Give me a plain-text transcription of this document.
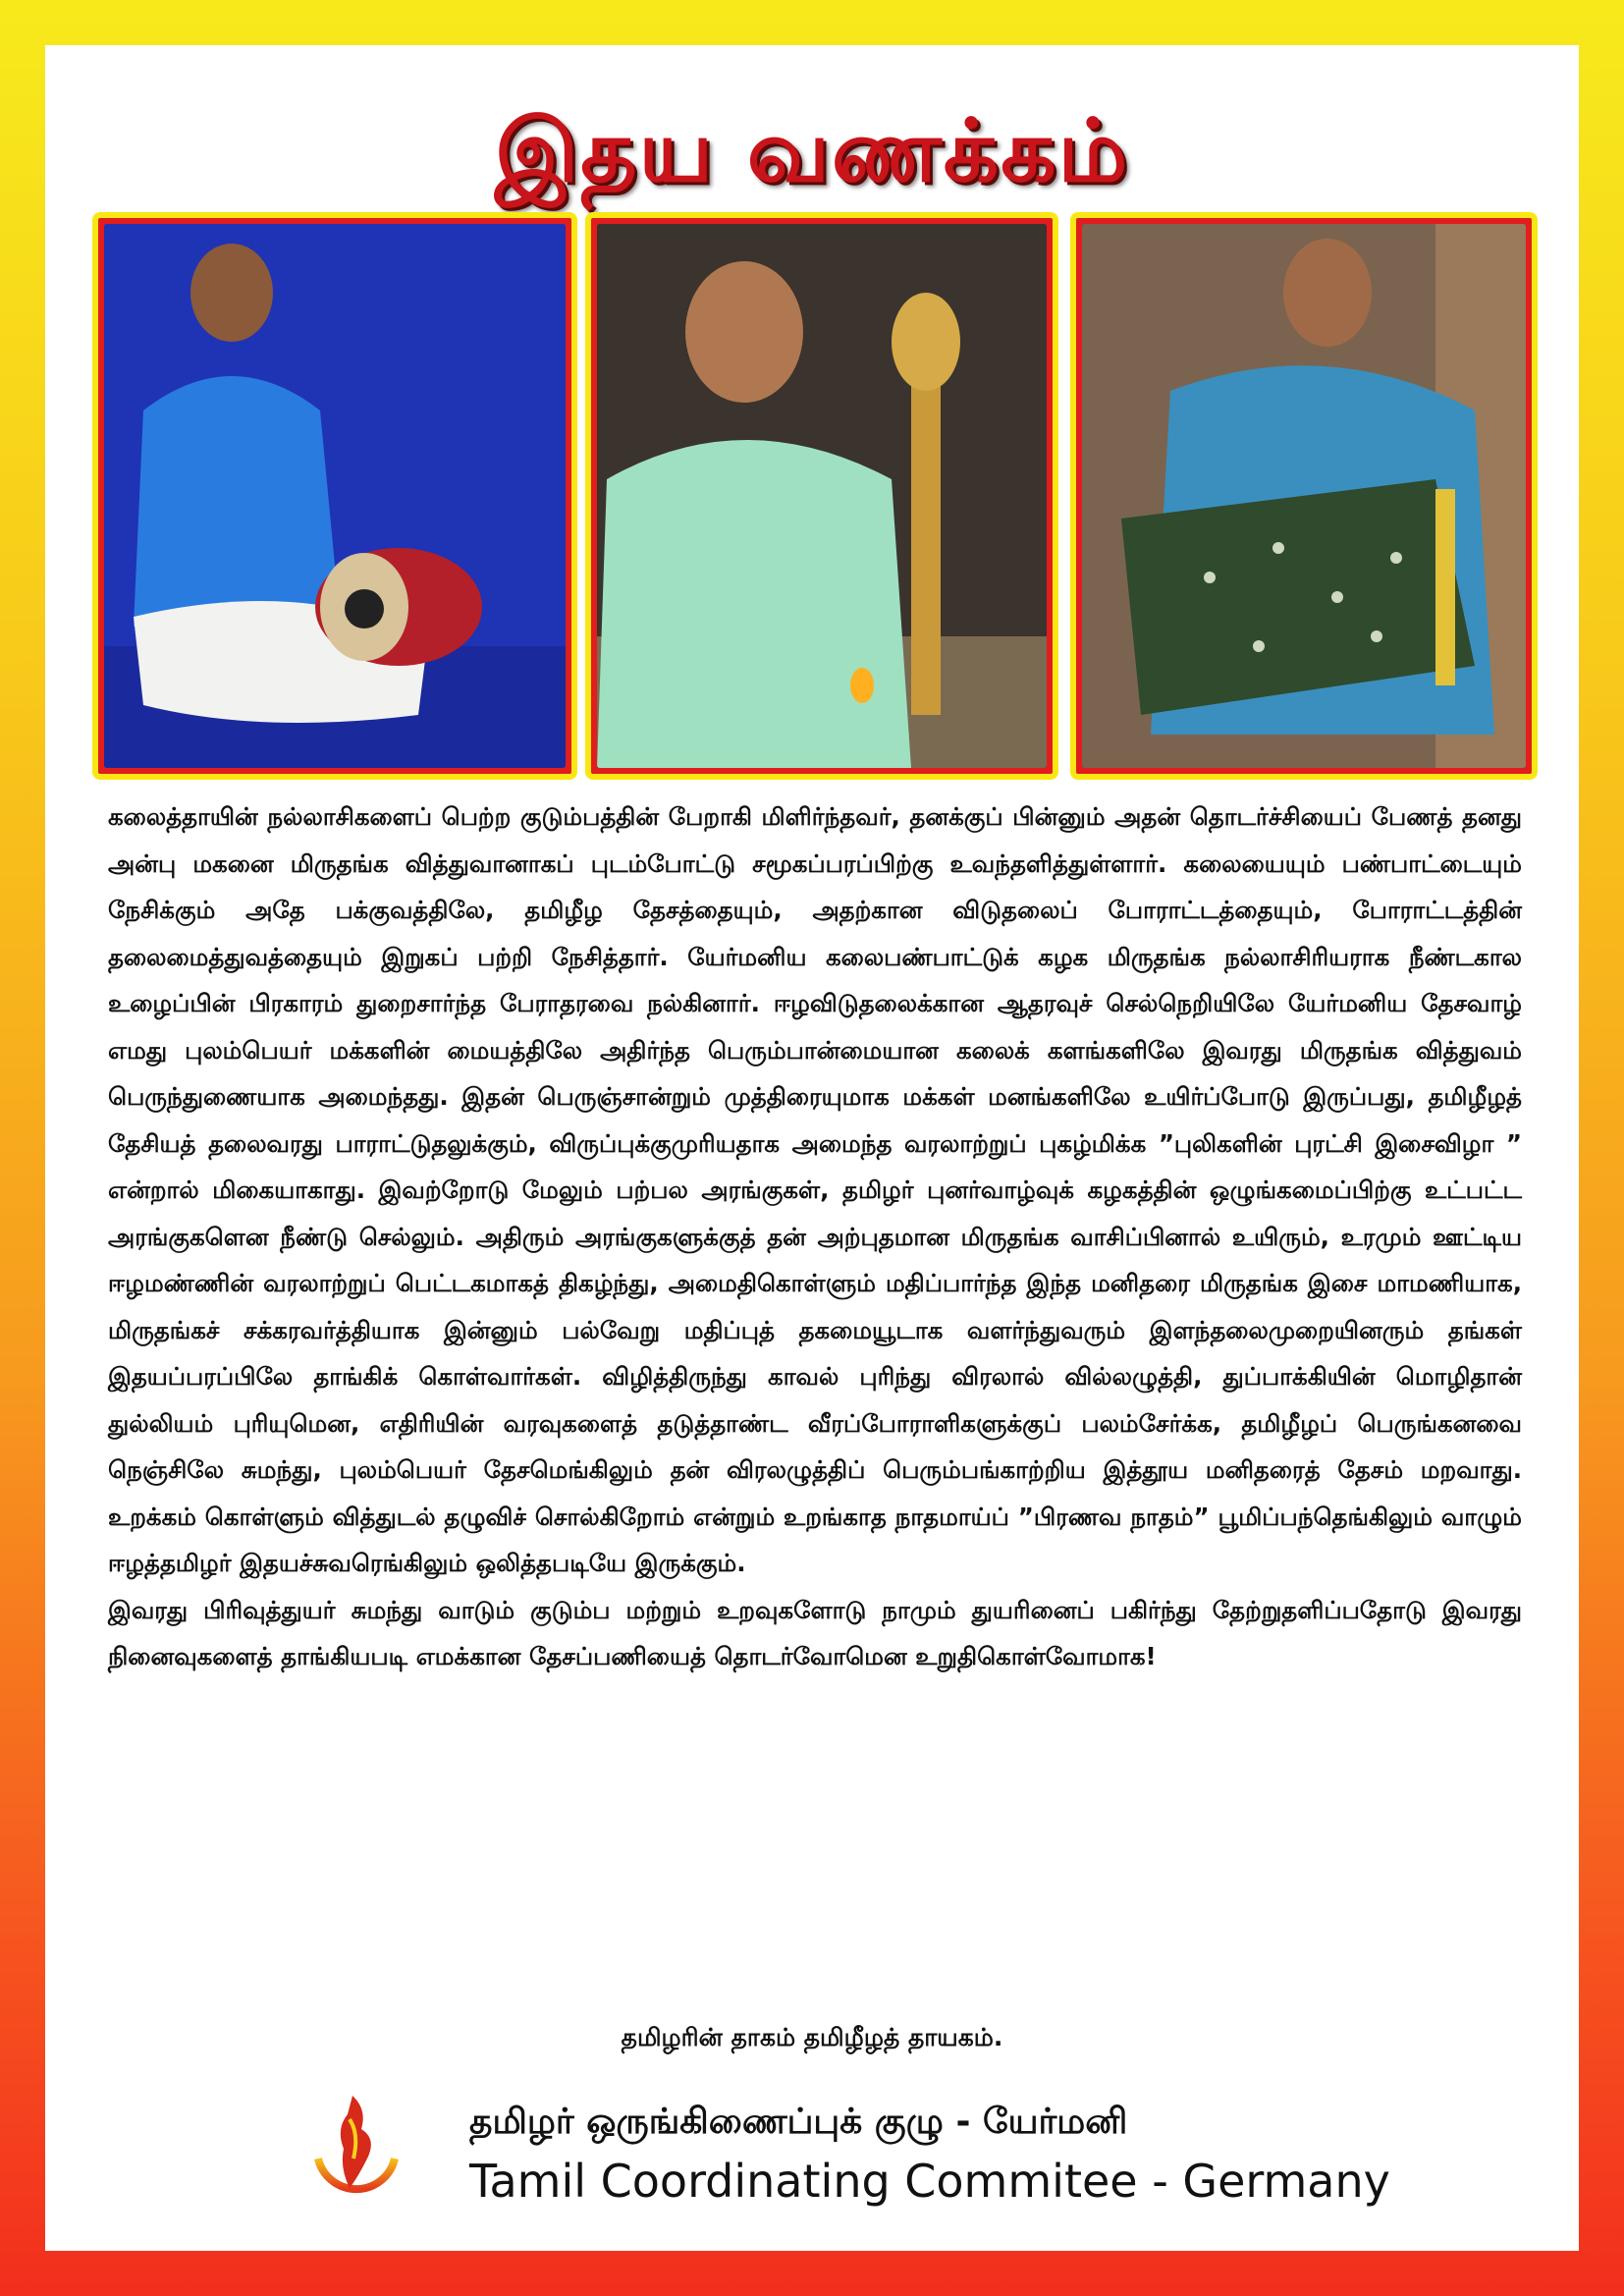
இதய வணக்கம்

கலைத்தாயின் நல்லாசிகளைப் பெற்ற குடும்பத்தின் பேறாகி மிளிர்ந்தவர், தனக்குப் பின்னும் அதன் தொடர்ச்சியைப் பேணத் தனது அன்பு மகனை மிருதங்க வித்துவானாகப் புடம்போட்டு சமூகப்பரப்பிற்கு உவந்தளித்துள்ளார். கலையையும் பண்பாட்டையும் நேசிக்கும் அதே பக்குவத்திலே, தமிழீழ தேசத்தையும், அதற்கான விடுதலைப் போராட்டத்தையும், போராட்டத்தின் தலைமைத்துவத்தையும் இறுகப் பற்றி நேசித்தார். யேர்மனிய கலைபண்பாட்டுக் கழக மிருதங்க நல்லாசிரியராக நீண்டகால உழைப்பின் பிரகாரம் துறைசார்ந்த பேராதரவை நல்கினார். ஈழவிடுதலைக்கான ஆதரவுச் செல்நெறியிலே யேர்மனிய தேசவாழ் எமது புலம்பெயர் மக்களின் மையத்திலே அதிர்ந்த பெரும்பான்மையான கலைக் களங்களிலே இவரது மிருதங்க வித்துவம் பெருந்துணையாக அமைந்தது. இதன் பெருஞ்சான்றும் முத்திரையுமாக மக்கள் மனங்களிலே உயிர்ப்போடு இருப்பது, தமிழீழத் தேசியத் தலைவரது பாராட்டுதலுக்கும், விருப்புக்குமுரியதாக அமைந்த வரலாற்றுப் புகழ்மிக்க ”புலிகளின் புரட்சி இசைவிழா ” என்றால் மிகையாகாது. இவற்றோடு மேலும் பற்பல அரங்குகள், தமிழர் புனர்வாழ்வுக் கழகத்தின் ஒழுங்கமைப்பிற்கு உட்பட்ட அரங்குகளென நீண்டு செல்லும். அதிரும் அரங்குகளுக்குத் தன் அற்புதமான மிருதங்க வாசிப்பினால் உயிரும், உரமும் ஊட்டிய ஈழமண்ணின் வரலாற்றுப் பெட்டகமாகத் திகழ்ந்து, அமைதிகொள்ளும் மதிப்பார்ந்த இந்த மனிதரை மிருதங்க இசை மாமணியாக, மிருதங்கச் சக்கரவர்த்தியாக இன்னும் பல்வேறு மதிப்புத் தகமையூடாக வளர்ந்துவரும் இளந்தலைமுறையினரும் தங்கள் இதயப்பரப்பிலே தாங்கிக் கொள்வார்கள். விழித்திருந்து காவல் புரிந்து விரலால் வில்லழுத்தி, துப்பாக்கியின் மொழிதான் துல்லியம் புரியுமென, எதிரியின் வரவுகளைத் தடுத்தாண்ட வீரப்போராளிகளுக்குப் பலம்சேர்க்க, தமிழீழப் பெருங்கனவை நெஞ்சிலே சுமந்து, புலம்பெயர் தேசமெங்கிலும் தன் விரலழுத்திப் பெரும்பங்காற்றிய இத்தூய மனிதரைத் தேசம் மறவாது. உறக்கம் கொள்ளும் வித்துடல் தழுவிச் சொல்கிறோம் என்றும் உறங்காத நாதமாய்ப் ”பிரணவ நாதம்” பூமிப்பந்தெங்கிலும் வாழும் ஈழத்தமிழர் இதயச்சுவரெங்கிலும் ஒலித்தபடியே இருக்கும்.

இவரது பிரிவுத்துயர் சுமந்து வாடும் குடும்ப மற்றும் உறவுகளோடு நாமும் துயரினைப் பகிர்ந்து தேற்றுதளிப்பதோடு இவரது நினைவுகளைத் தாங்கியபடி எமக்கான தேசப்பணியைத் தொடர்வோமென உறுதிகொள்வோமாக!

தமிழரின் தாகம் தமிழீழத் தாயகம்.
தமிழர் ஒருங்கிணைப்புக் குழு - யேர்மனி
Tamil Coordinating Commitee - Germany
